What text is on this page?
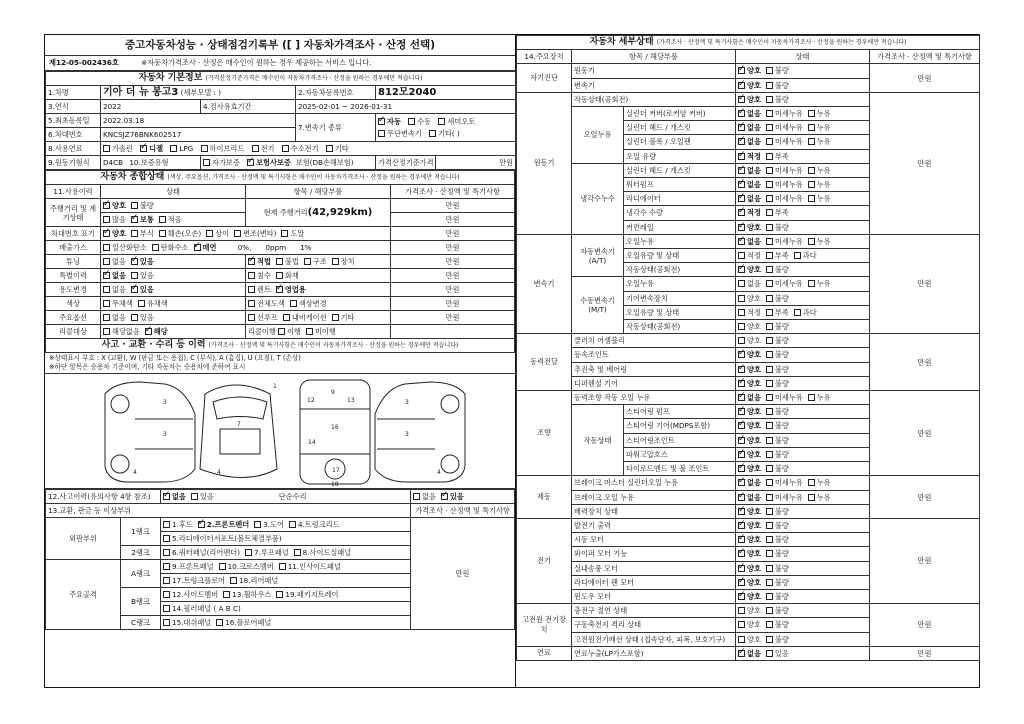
중고자동차성능 · 상태점검기록부 ([ ] 자동차가격조사 · 산정 선택)
제12-05-002436호	※자동차가격조사 · 산정은 매수인이 원하는 경우 제공하는 서비스 입니다.
자동차 기본정보 (가격산정기준가격은 매수인이 자동차가격조사 · 산정을 원하는 경우에만 적습니다)					
1.차명	기아 더 뉴 봉고3 (세부모델 : )		2.자동차등록번호	812모2040	
3.연식	2022	4.검사유효기간	2025-02-01 ~ 2026-01-31		
5.최초등록일	2022.03.18		7.변속기 종류	✓자동 수동 세미오토
무단변속기 기타( )
6.차대번호	KNCSJZ76BNK602517				
8.사용연료	가솔린 ✓ 디젤 LPG 하이브리드 전기 수소전기 기타
9.원동기형식	D4CB 10.보증유형	자가보증 ✓ 보험사보증 보험(DB손해보험)		가격산정기준가격	만원
자동차 종합상태 (색상, 주요옵션, 가격조사 · 산정액 및 특기사항은 매수인이 자동차가격조사 · 산정을 원하는 경우에만 적습니다)			
11.사용이력	상태	항목 / 해당부품	가격조사 · 산정액 및 특기사항
주행거리 및 계기상태	✓양호 불량	현재 주행거리(42,929km)	만원
	많음 ✓ 보통 적음		만원
차대번호 표기	✓양호 부식 훼손(오손) 상이 변조(변타) 도말		만원
배출가스	일산화탄소 탄화수소 ✓ 매연 0%, 0ppm 1%		만원
튜닝	없음 ✓ 있음	✓적법 불법 구조 장치	만원
특별이력	✓없음 있음	침수 화재	만원
용도변경	없음 ✓ 있음	렌트 ✓ 영업용	만원
색상	무채색 유채색	전체도색 색상변경	만원
주요옵션	없음 있음	선루프 내비게이션 기타	만원
리콜대상	해당없음 ✓ 해당	리콜이행 이행 미이행	
사고 · 교환 · 수리 등 이력 (가격조사 · 산정액 및 특기사항은 매수인이 자동차가격조사 · 산정을 원하는 경우에만 적습니다)			
※상태표시 부호 : X (교환), W (판금 또는 용접), C (부식), A (흠집), U (요철), T (손상)
※하단 항목은 승용차 기준이며, 기타 자동차는 승용차에 준하여 표시
3
3
4
1
7
4
9
12	13
16
14
17
18
3
3
4
12.사고이력(유의사항 4항 참조)	✓없음 있음 단순수리	없음 ✓ 있음
13.교환, 판금 등 이상부위			가격조사 · 산정액 및 특기사항
외판부위	1랭크	1.후드 ✓ 2.프론트펜더 3.도어 4.트렁크리드	만원
		5.라디에이터서포트(볼트체결부품)	
	2랭크	6.쿼터패널(리어펜더) 7.루프패널 8.사이드실패널	
주요골격	A랭크	9.프론트패널 10.크로스멤버 11.인사이드패널	
		17.트렁크플로어 18.리어패널	
	B랭크	12.사이드멤버 13.휠하우스 19.패키지트레이	
		14.필러패널 ( A B C)	
	C랭크	15.대쉬패널 16.플로어패널	
자동차 세부상태 (가격조사 · 산정액 및 특기사항은 매수인이 자동차가격조사 · 산정을 원하는 경우에만 적습니다)				
14.주요장치	항목 / 해당부품		상태	가격조사 · 산정액 및 특기사항
자기진단	원동기	✓양호 불량	만원
	변속기	✓양호 불량
원동기	작동상태(공회전)	✓양호 불량	만원
	오일누유	실린더 커버(로커암 커버)	✓없음 미세누유 누유
		실린더 헤드 / 개스킷	✓없음 미세누유 누유
		실린더 블록 / 오일팬	✓없음 미세누유 누유
		오일 유량	✓적정 부족
	냉각수누수	실린더 헤드 / 개스킷	✓없음 미세누유 누유
		워터펌프	✓없음 미세누유 누유
		라디에이터	✓없음 미세누유 누유
		냉각수 수량	✓적정 부족
		커먼레일	✓양호 불량
변속기	자동변속기 (A/T)	오일누유	✓없음 미세누유 누유	만원
		오일유량 및 상태	적정 부족 과다	
		작동상태(공회전)	✓양호 불량
	수동변속기 (M/T)	오일누유	없음 미세누유 누유	
		기어변속장치	양호 불량	
		오일유량 및 상태	적정 부족 과다	
		작동상태(공회전)	양호 불량	
동력전달	클러치 어셈블리		양호 불량	만원
	등속조인트	✓양호 불량
	추진축 및 베어링	✓양호 불량
	디퍼렌셜 기어	✓양호 불량
조향	동력조향 작동 오일 누유	✓없음 미세누유 누유	만원
	작동상태	스티어링 펌프	✓양호 불량
		스티어링 기어(MDPS포함)	✓양호 불량
		스티어링조인트	✓양호 불량
		파워고압호스	✓양호 불량
		타이로드엔드 및 볼 조인트	✓양호 불량
제동	브레이크 마스터 실린더오일 누유	✓없음 미세누유 누유	만원
	브레이크 오일 누유	✓없음 미세누유 누유
	배력장치 상태	✓양호 불량
전기	발전기 출력	✓양호 불량	만원
	시동 모터	✓양호 불량
	와이퍼 모터 기능	✓양호 불량
	실내송풍 모터	✓양호 불량
	라디에이터 팬 모터	✓양호 불량
	윈도우 모터	✓양호 불량
고전원 전기장치	충전구 절연 상태		양호 불량	만원
	구동축전지 격리 상태		양호 불량	
	고전원전기배선 상태 (접속단자, 피복, 보호기구)		양호 불량	
연료	연료누출(LP가스포함)	✓없음 있음	만원
